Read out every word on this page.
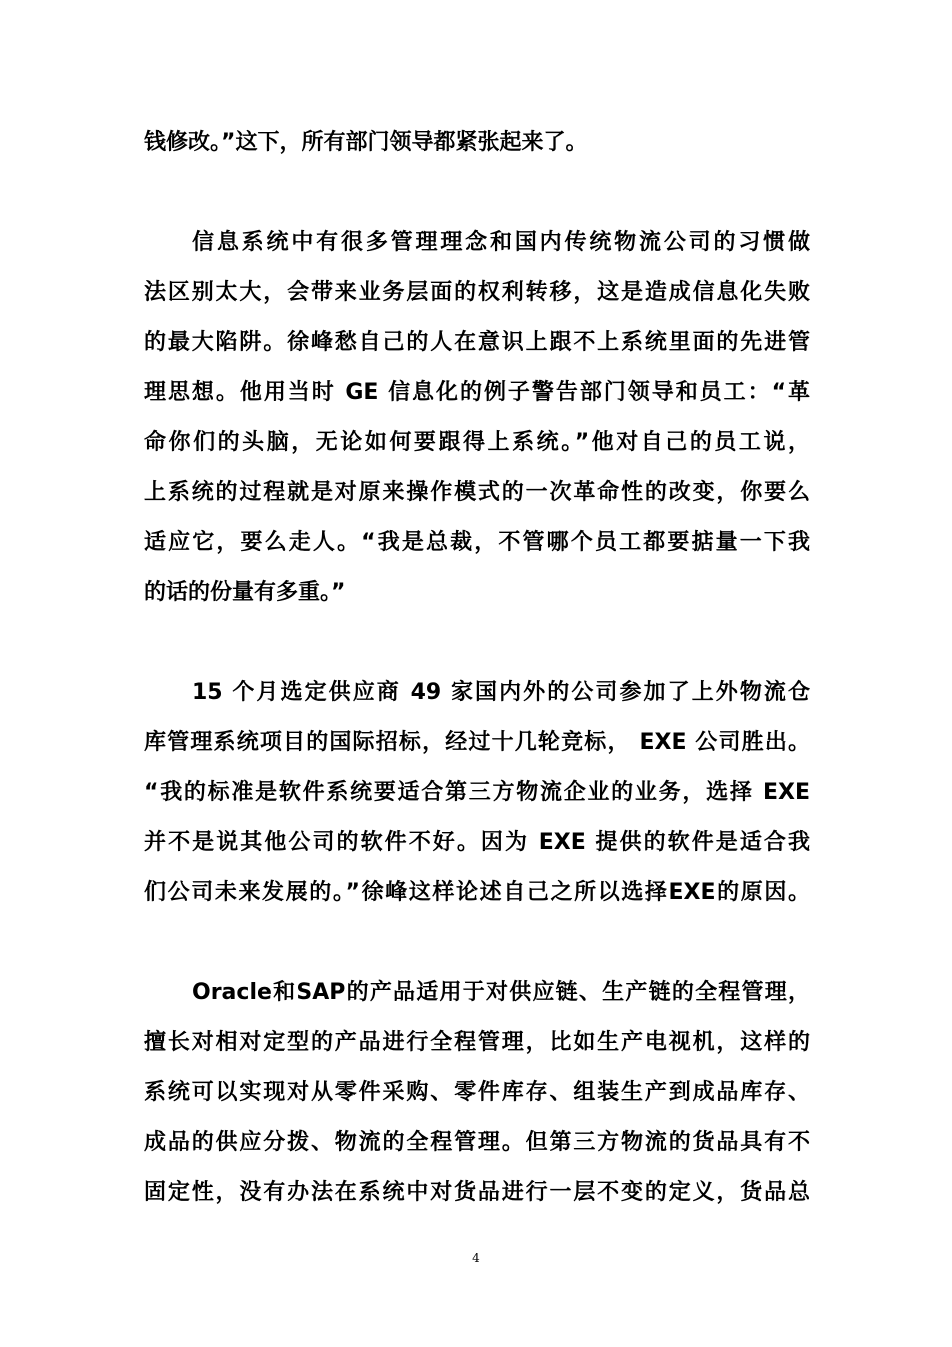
钱修改。”这下，所有部门领导都紧张起来了。
信息系统中有很多管理理念和国内传统物流公司的习惯做
法区别太大，会带来业务层面的权利转移，这是造成信息化失败
的最大陷阱。徐峰愁自己的人在意识上跟不上系统里面的先进管
理思想。他用当时 GE 信息化的例子警告部门领导和员工：“革
命你们的头脑，无论如何要跟得上系统。”他对自己的员工说，
上系统的过程就是对原来操作模式的一次革命性的改变，你要么
适应它，要么走人。“我是总裁，不管哪个员工都要掂量一下我
的话的份量有多重。”
15 个月选定供应商 49 家国内外的公司参加了上外物流仓
库管理系统项目的国际招标，经过十几轮竞标， EXE 公司胜出。
“我的标准是软件系统要适合第三方物流企业的业务，选择 EXE
并不是说其他公司的软件不好。因为 EXE 提供的软件是适合我
们公司未来发展的。”徐峰这样论述自己之所以选择EXE的原因。
Oracle和SAP的产品适用于对供应链、生产链的全程管理，
擅长对相对定型的产品进行全程管理，比如生产电视机，这样的
系统可以实现对从零件采购、零件库存、组装生产到成品库存、
成品的供应分拨、物流的全程管理。但第三方物流的货品具有不
固定性，没有办法在系统中对货品进行一层不变的定义，货品总
4
